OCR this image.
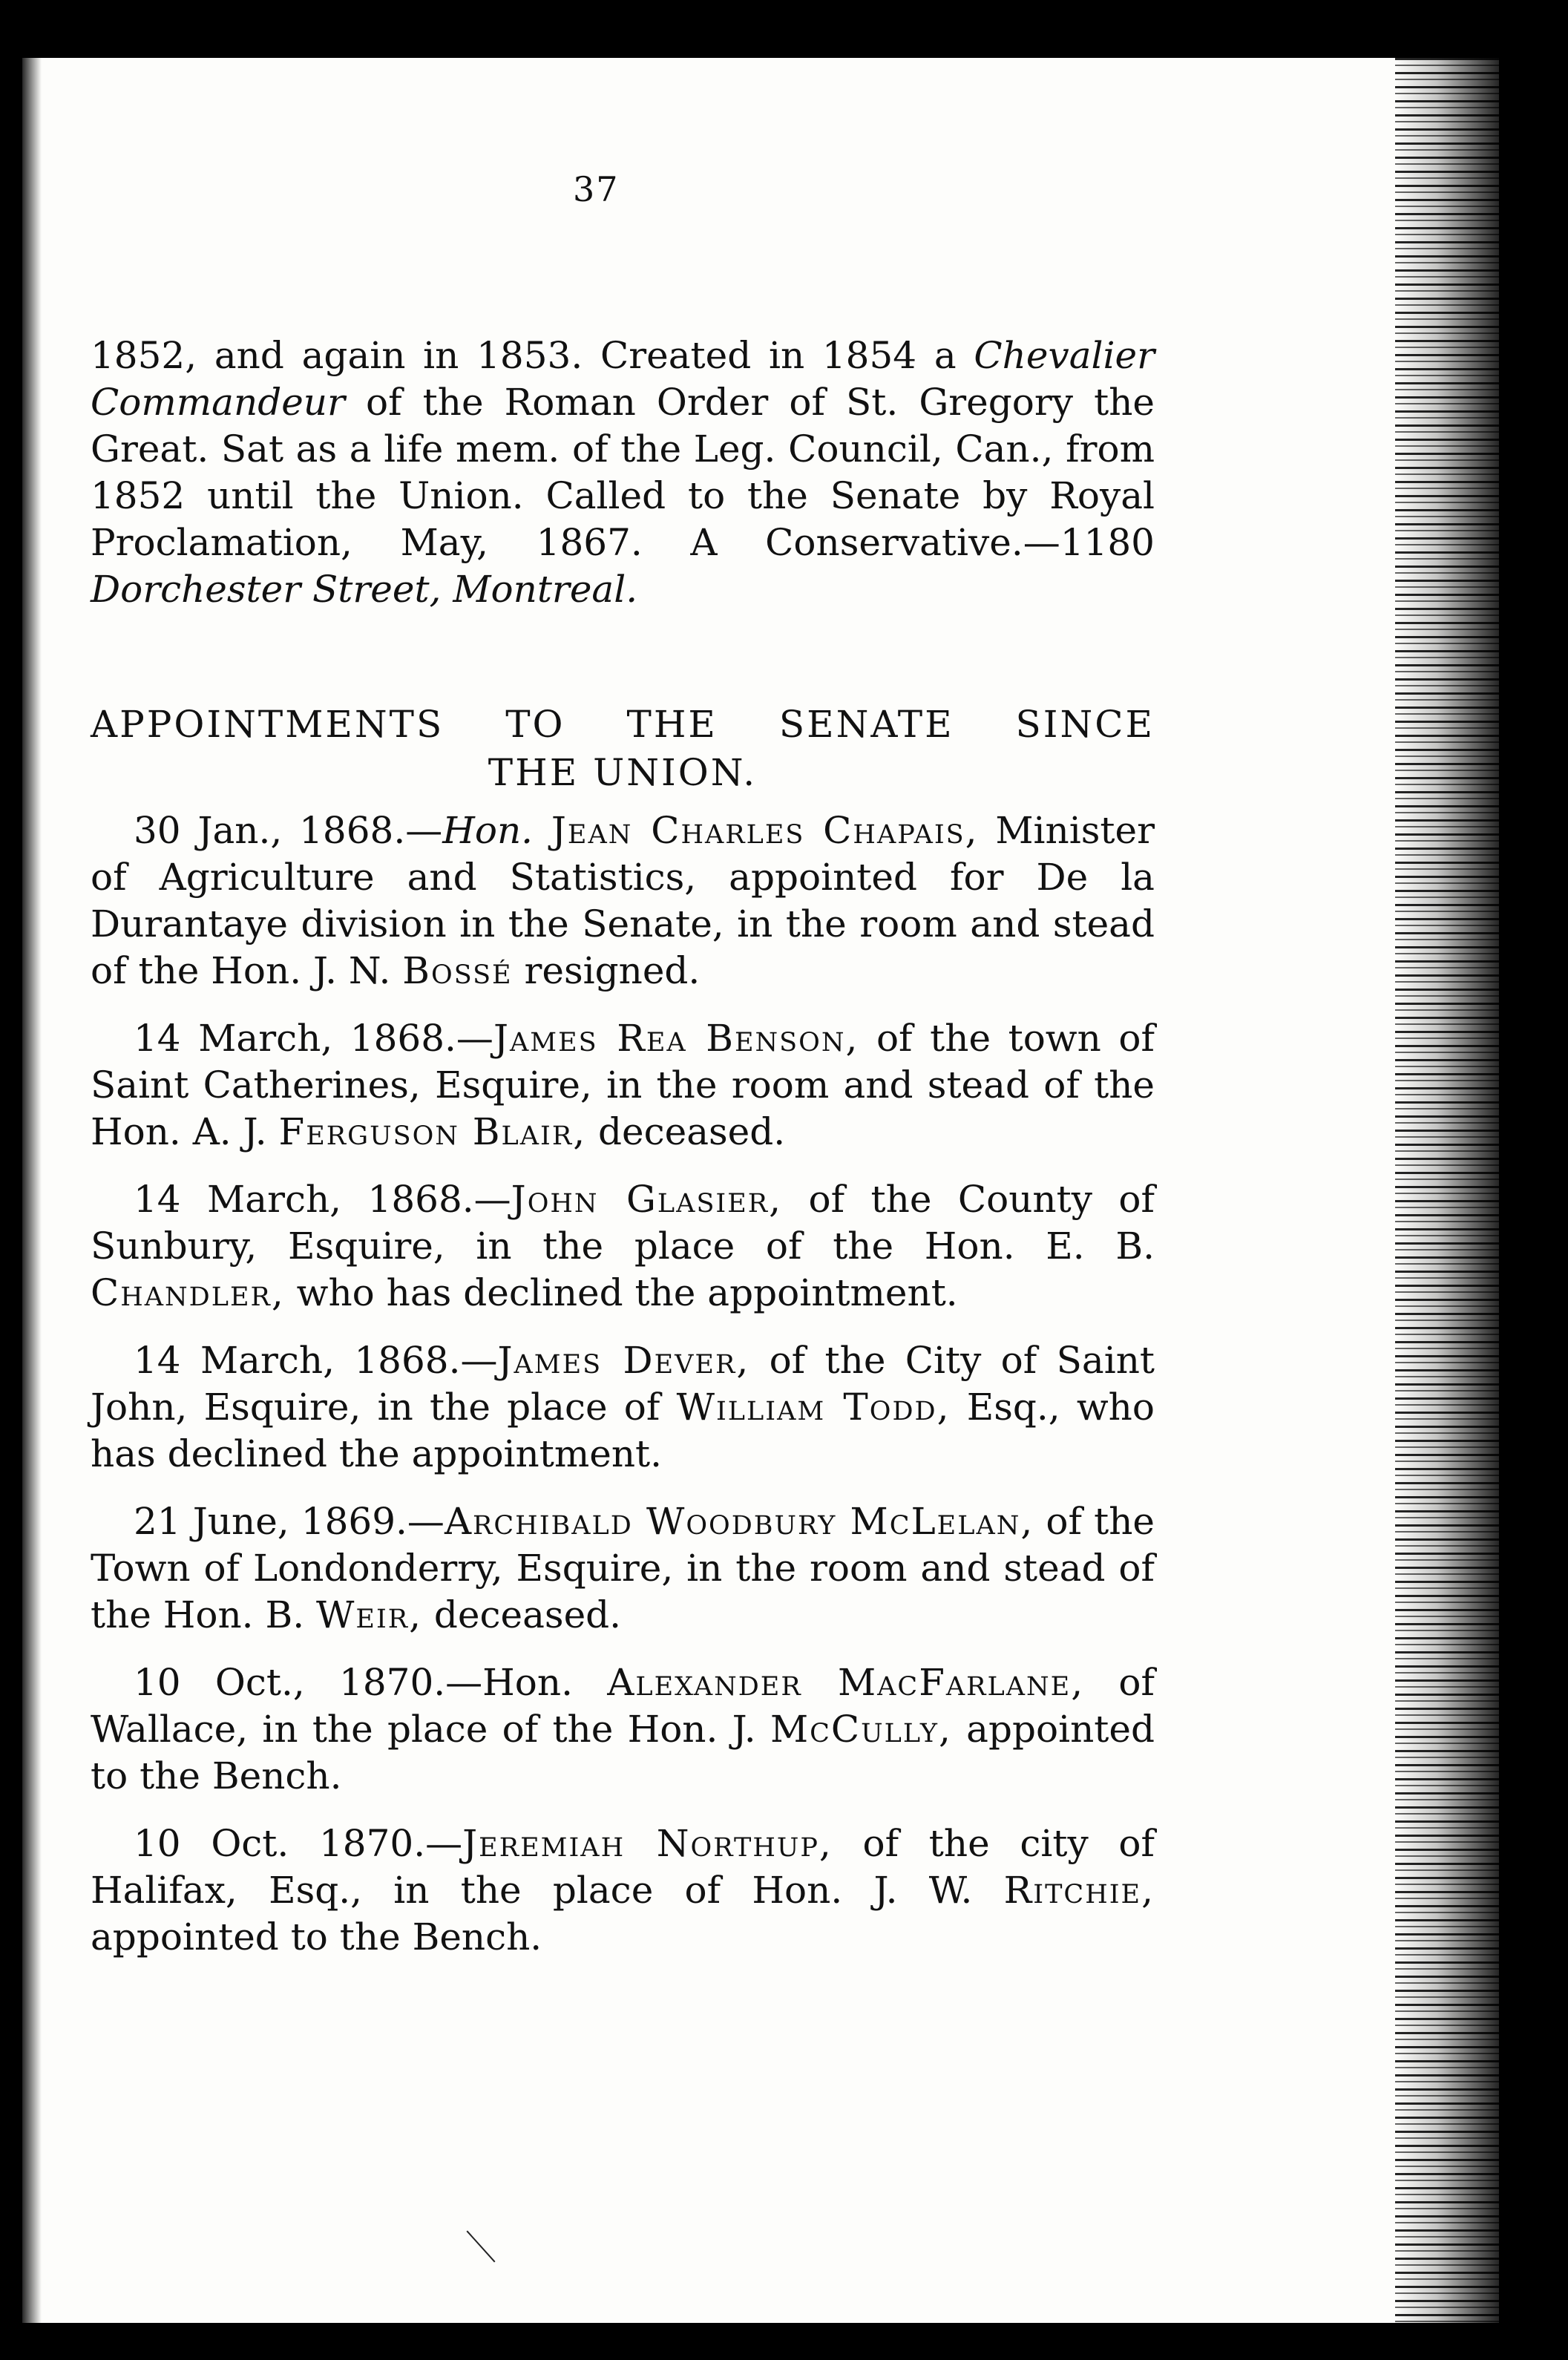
37

1852, and again in 1853. Created in 1854 a Chevalier Commandeur of the Roman Order of St. Gregory the Great. Sat as a life mem. of the Leg. Council, Can., from 1852 until the Union. Called to the Senate by Royal Proclamation, May, 1867. A Conservative.—1180 Dorchester Street, Montreal.

APPOINTMENTS TO THE SENATE SINCE
THE UNION.

30 Jan., 1868.—Hon. Jean Charles Chapais, Minister of Agriculture and Statistics, appointed for De la Durantaye division in the Senate, in the room and stead of the Hon. J. N. Bossé resigned.

14 March, 1868.—James Rea Benson, of the town of Saint Catherines, Esquire, in the room and stead of the Hon. A. J. Ferguson Blair, deceased.

14 March, 1868.—John Glasier, of the County of Sunbury, Esquire, in the place of the Hon. E. B. Chandler, who has declined the appointment.

14 March, 1868.—James Dever, of the City of Saint John, Esquire, in the place of William Todd, Esq., who has declined the appointment.

21 June, 1869.—Archibald Woodbury McLelan, of the Town of Londonderry, Esquire, in the room and stead of the Hon. B. Weir, deceased.

10 Oct., 1870.—Hon. Alexander MacFarlane, of Wallace, in the place of the Hon. J. McCully, appointed to the Bench.

10 Oct. 1870.—Jeremiah Northup, of the city of Halifax, Esq., in the place of Hon. J. W. Ritchie, appointed to the Bench.
